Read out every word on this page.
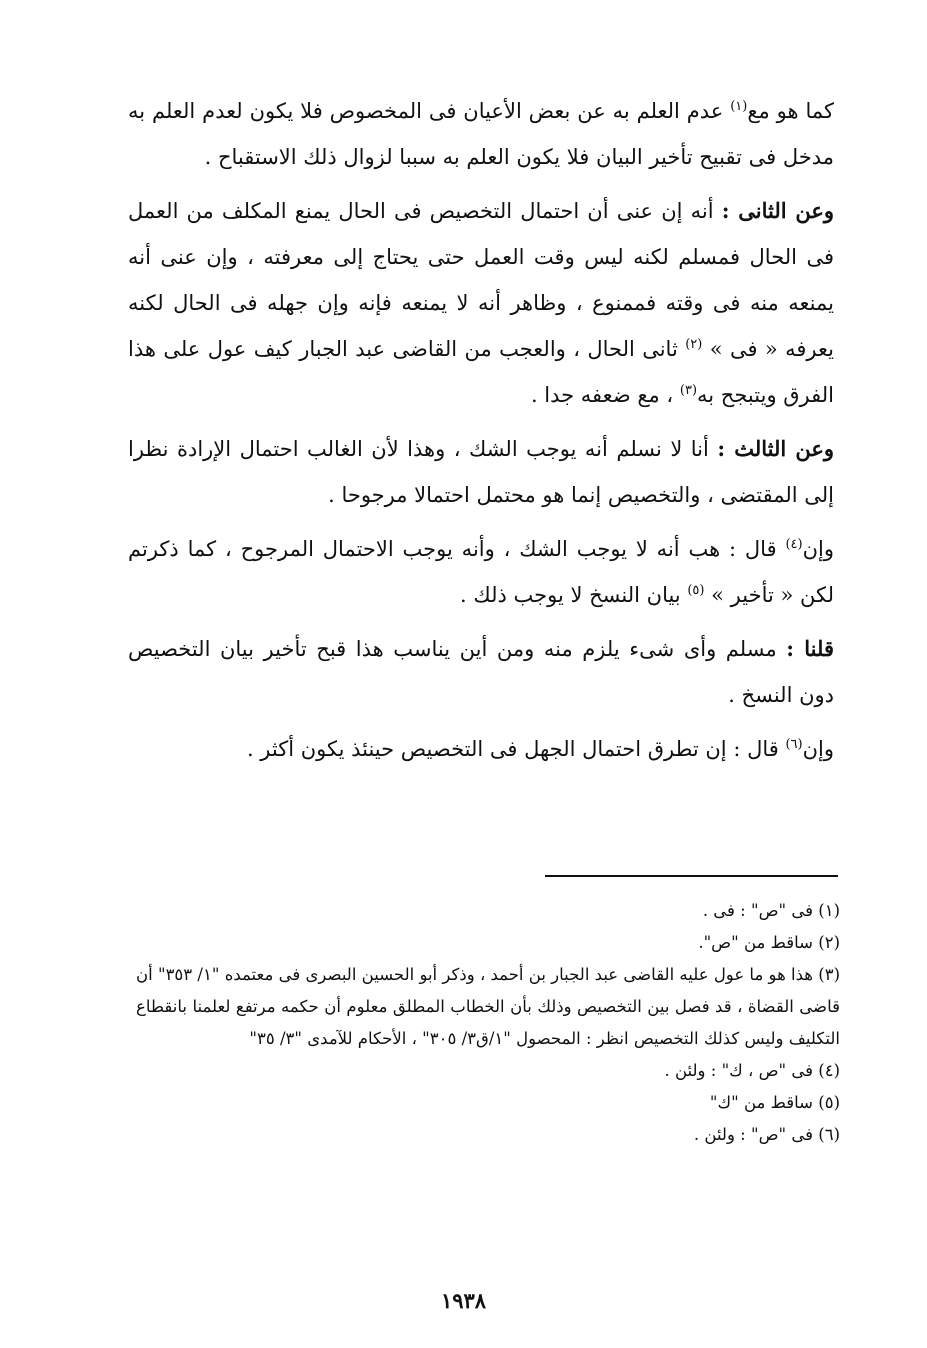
كما هو مع$^{(١)}$ عدم العلم به عن بعض الأعيان فى المخصوص فلا يكون لعدم العلم به مدخل فى تقبيح تأخير البيان فلا يكون العلم به سببا لزوال ذلك الاستقباح .

وعن الثانى : أنه إن عنى أن احتمال التخصيص فى الحال يمنع المكلف من العمل فى الحال فمسلم لكنه ليس وقت العمل حتى يحتاج إلى معرفته ، وإن عنى أنه يمنعه منه فى وقته فممنوع ، وظاهر أنه لا يمنعه فإنه وإن جهله فى الحال لكنه يعرفه « فى » $^{(٢)}$ ثانى الحال ، والعجب من القاضى عبد الجبار كيف عول على هذا الفرق ويتبجح به$^{(٣)}$ ، مع ضعفه جدا .

وعن الثالث : أنا لا نسلم أنه يوجب الشك ، وهذا لأن الغالب احتمال الإرادة نظرا إلى المقتضى ، والتخصيص إنما هو محتمل احتمالا مرجوحا .

وإن$^{(٤)}$ قال : هب أنه لا يوجب الشك ، وأنه يوجب الاحتمال المرجوح ، كما ذكرتم لكن « تأخير » $^{(٥)}$ بيان النسخ لا يوجب ذلك .

قلنا : مسلم وأى شىء يلزم منه ومن أين يناسب هذا قبح تأخير بيان التخصيص دون النسخ .

وإن$^{(٦)}$ قال : إن تطرق احتمال الجهل فى التخصيص حينئذ يكون أكثر .

(١) فى "ص" : فى .

(٢) ساقط من "ص".

(٣) هذا هو ما عول عليه القاضى عبد الجبار بن أحمد ، وذكر أبو الحسين البصرى فى معتمده "١/ ٣٥٣" أن قاضى القضاة ، قد فصل بين التخصيص وذلك بأن الخطاب المطلق معلوم أن حكمه مرتفع لعلمنا بانقطاع التكليف وليس كذلك التخصيص انظر : المحصول "١/ق٣/ ٣٠٥" ، الأحكام للآمدى "٣/ ٣٥"

(٤) فى "ص ، ك" : ولئن .

(٥) ساقط من "ك"

(٦) فى "ص" : ولئن .

١٩٣٨
